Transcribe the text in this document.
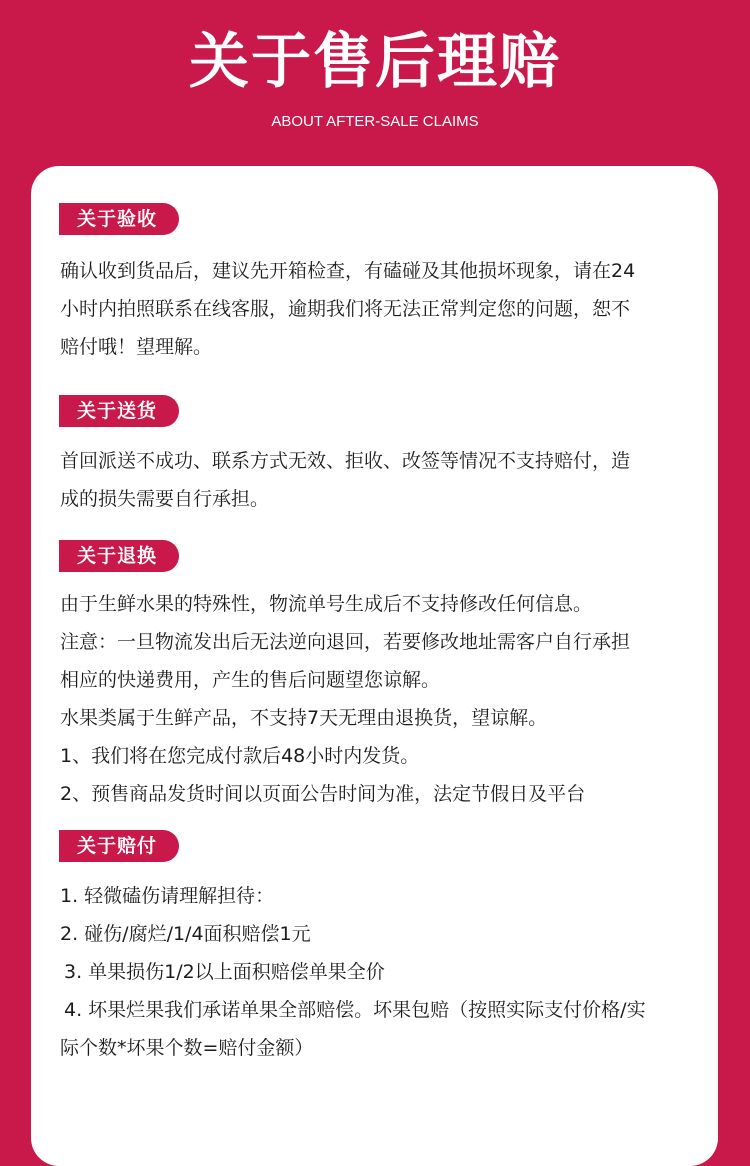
关于售后理赔
ABOUT AFTER-SALE CLAIMS
关于验收
确认收到货品后，建议先开箱检查，有磕碰及其他损坏现象，请在24
小时内拍照联系在线客服，逾期我们将无法正常判定您的问题，恕不
赔付哦！望理解。
关于送货
首回派送不成功、联系方式无效、拒收、改签等情况不支持赔付，造
成的损失需要自行承担。
关于退换
由于生鲜水果的特殊性，物流单号生成后不支持修改任何信息。
注意：一旦物流发出后无法逆向退回，若要修改地址需客户自行承担
相应的快递费用，产生的售后问题望您谅解。
水果类属于生鲜产品，不支持7天无理由退换货，望谅解。
1、我们将在您完成付款后48小时内发货。
2、预售商品发货时间以页面公告时间为准，法定节假日及平台
关于赔付
1. 轻微磕伤请理解担待：
2. 碰伤/腐烂/1/4面积赔偿1元
3. 单果损伤1/2以上面积赔偿单果全价
4. 坏果烂果我们承诺单果全部赔偿。坏果包赔（按照实际支付价格/实
际个数*坏果个数=赔付金额）
